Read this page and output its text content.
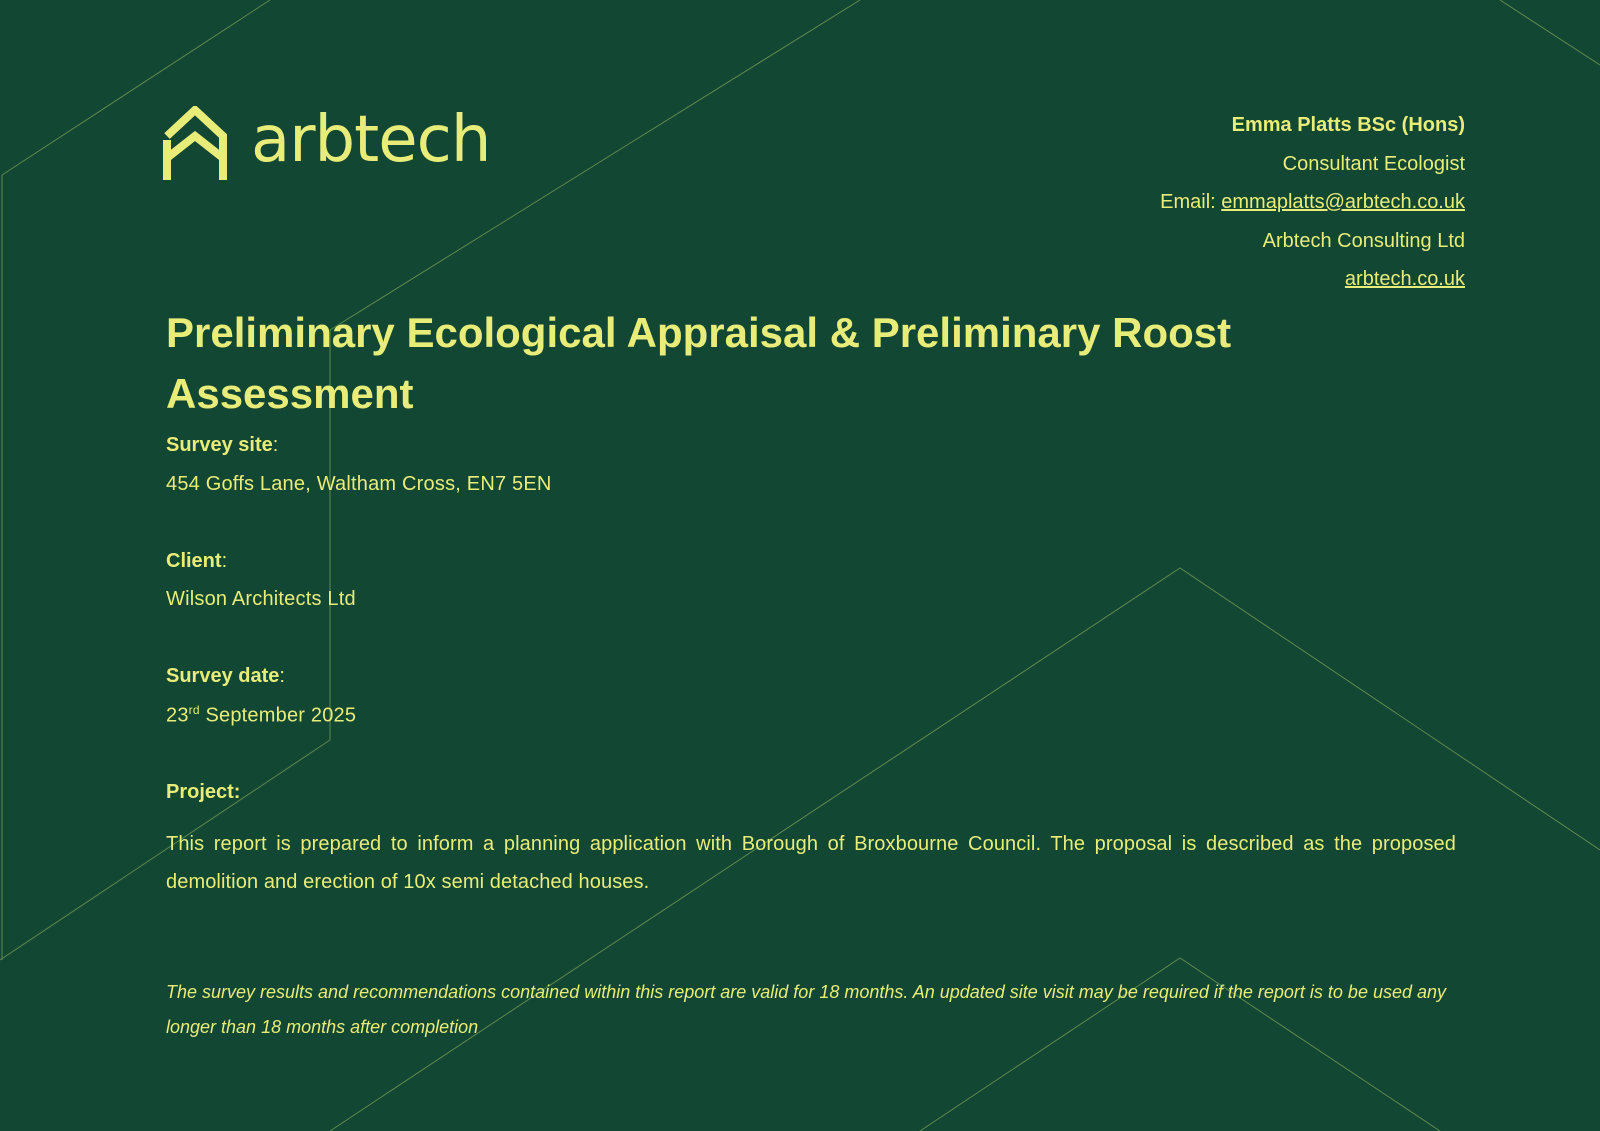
arbtech	Emma Platts BSc (Hons)
Consultant Ecologist
Email: emmaplatts@arbtech.co.uk
Arbtech Consulting Ltd
arbtech.co.uk
Preliminary Ecological Appraisal & Preliminary Roost Assessment
Survey site:
454 Goffs Lane, Waltham Cross, EN7 5EN
Client:
Wilson Architects Ltd
Survey date:
23rd September 2025
Project:
This report is prepared to inform a planning application with Borough of Broxbourne Council. The proposal is described as the proposed demolition and erection of 10x semi detached houses.
The survey results and recommendations contained within this report are valid for 18 months. An updated site visit may be required if the report is to be used any longer than 18 months after completion
